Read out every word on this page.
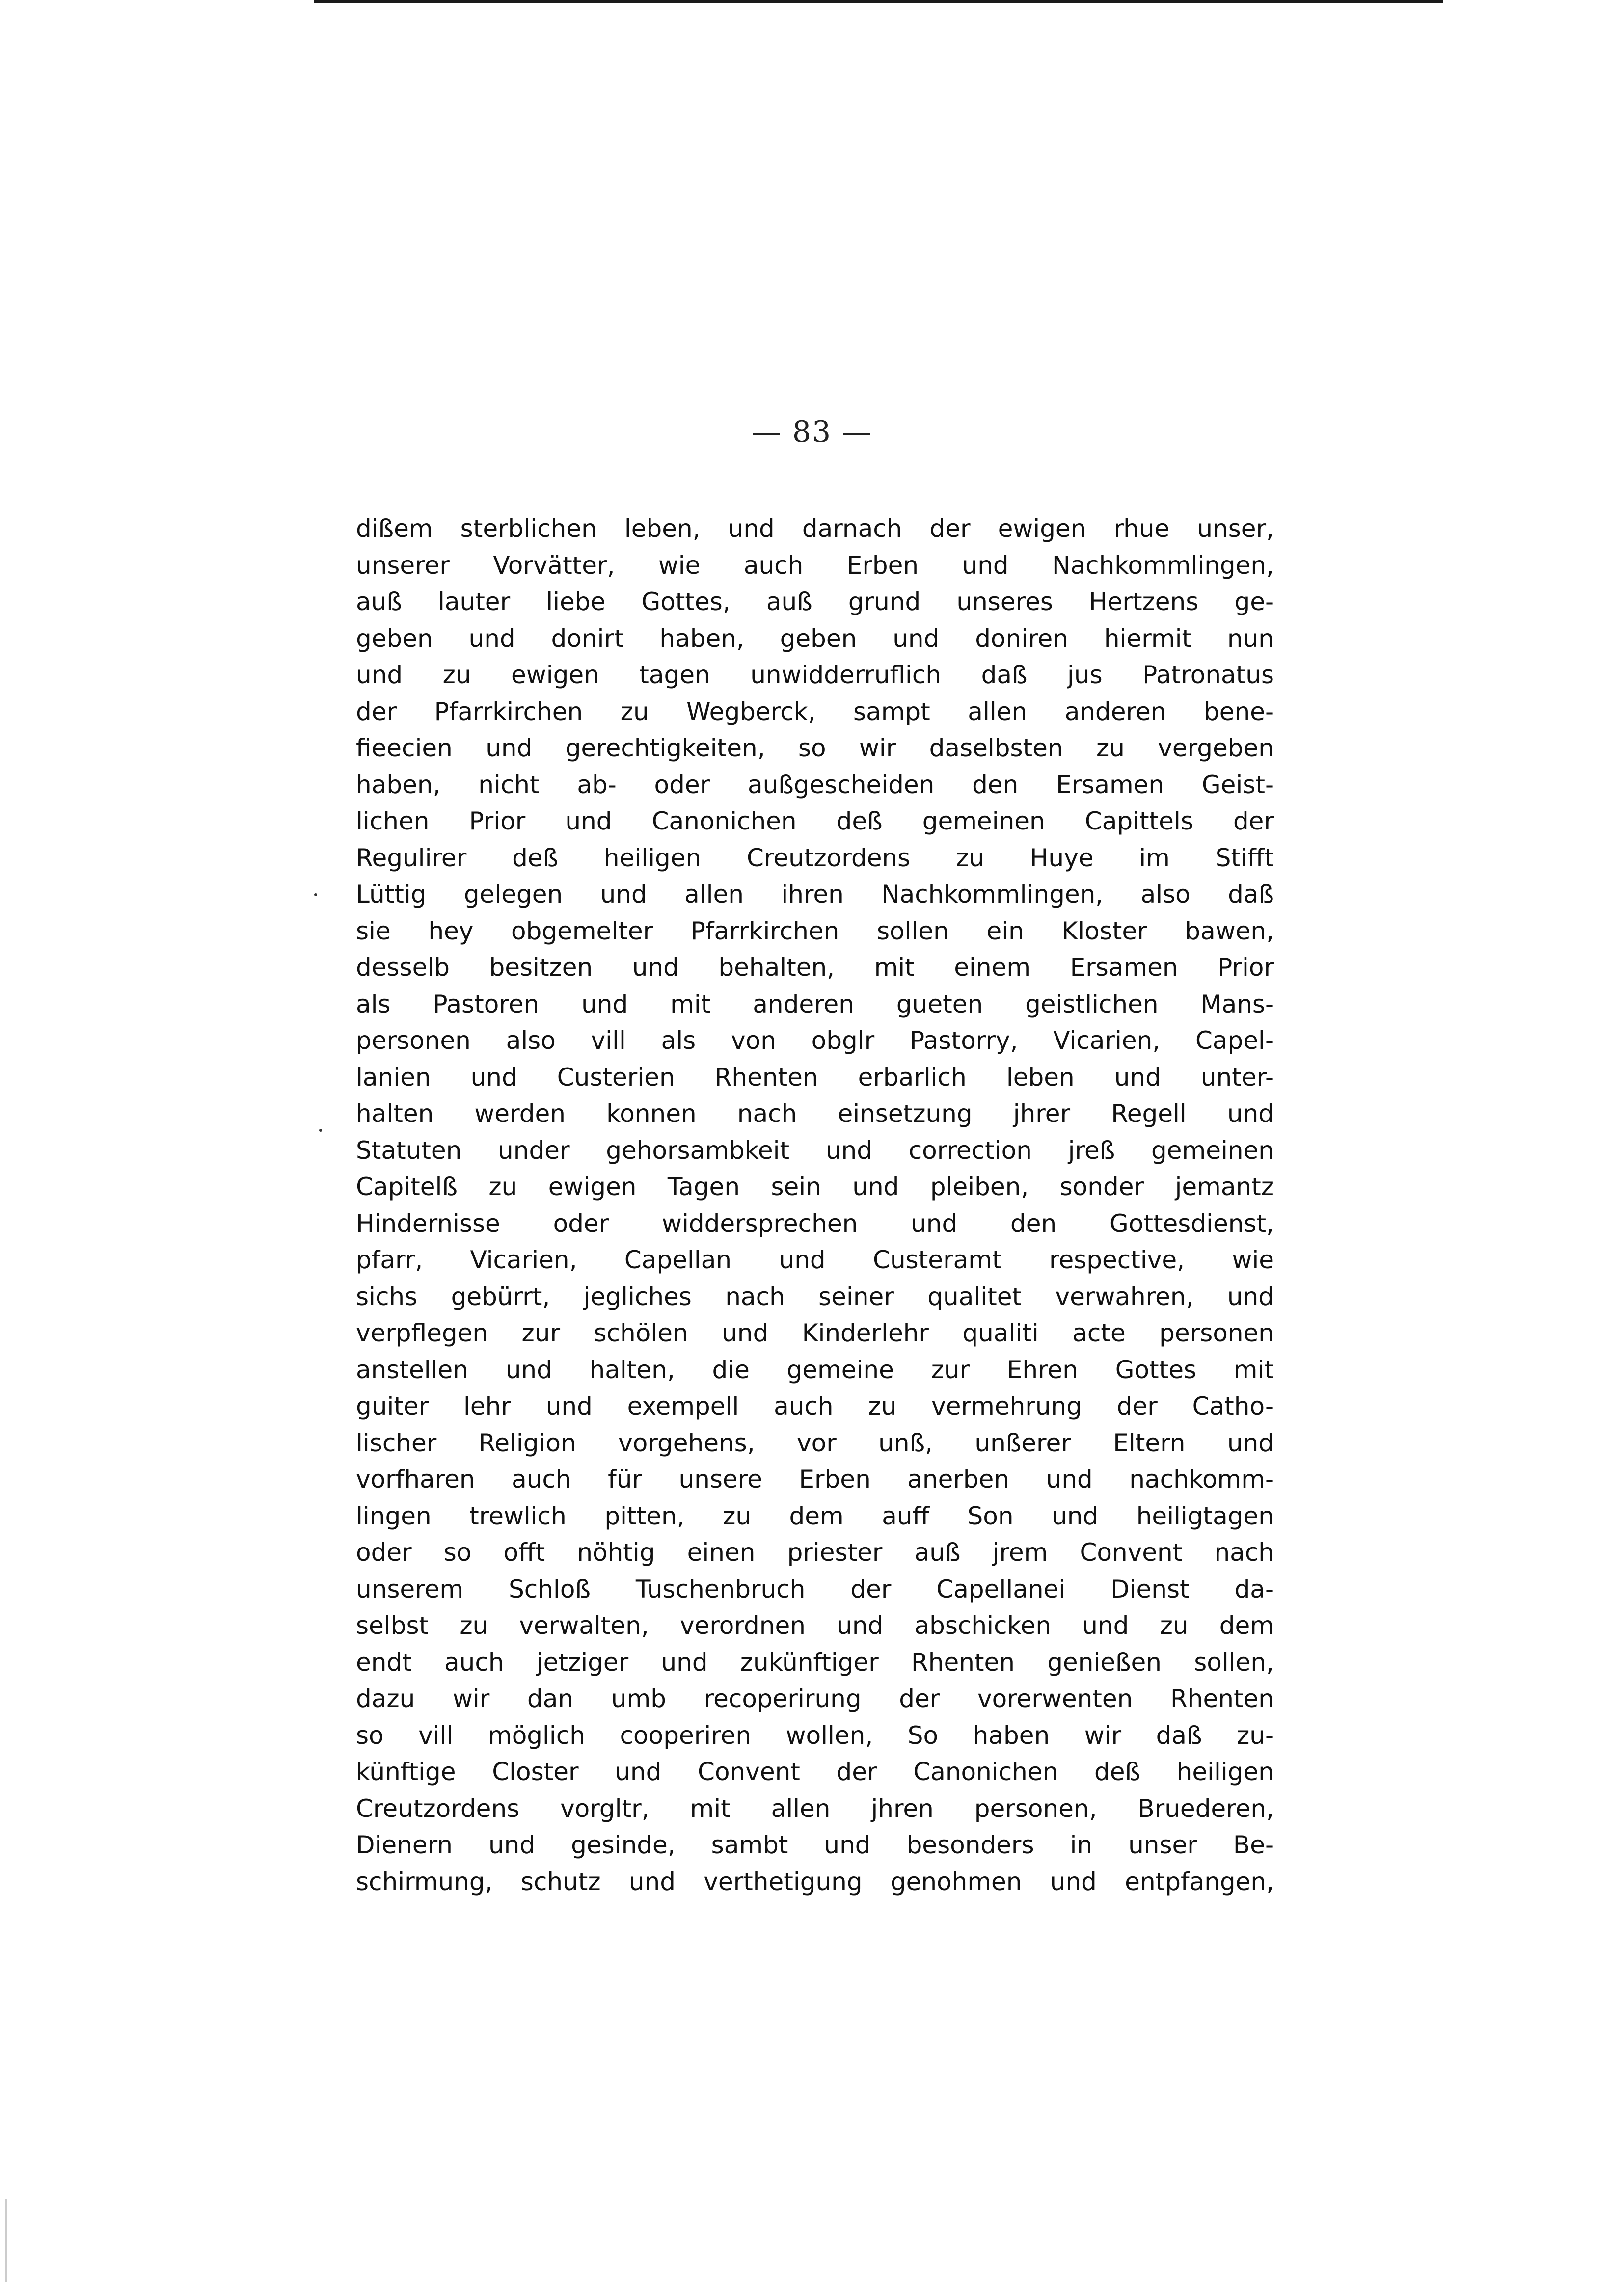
— 83 —
dißem sterblichen leben, und darnach der ewigen rhue unser,
unserer Vorvätter, wie auch Erben und Nachkommlingen,
auß lauter liebe Gottes, auß grund unseres Hertzens ge-
geben und donirt haben, geben und doniren hiermit nun
und zu ewigen tagen unwidderruflich daß jus Patronatus
der Pfarrkirchen zu Wegberck, sampt allen anderen bene-
fieecien und gerechtigkeiten, so wir daselbsten zu vergeben
haben, nicht ab- oder außgescheiden den Ersamen Geist-
lichen Prior und Canonichen deß gemeinen Capittels der
Regulirer deß heiligen Creutzordens zu Huye im Stifft
Lüttig gelegen und allen ihren Nachkommlingen, also daß
sie hey obgemelter Pfarrkirchen sollen ein Kloster bawen,
desselb besitzen und behalten, mit einem Ersamen Prior
als Pastoren und mit anderen gueten geistlichen Mans-
personen also vill als von obglr Pastorry, Vicarien, Capel-
lanien und Custerien Rhenten erbarlich leben und unter-
halten werden konnen nach einsetzung jhrer Regell und
Statuten under gehorsambkeit und correction jreß gemeinen
Capitelß zu ewigen Tagen sein und pleiben, sonder jemantz
Hindernisse oder widdersprechen und den Gottesdienst,
pfarr, Vicarien, Capellan und Custeramt respective, wie
sichs gebürrt, jegliches nach seiner qualitet verwahren, und
verpflegen zur schölen und Kinderlehr qualiti acte personen
anstellen und halten, die gemeine zur Ehren Gottes mit
guiter lehr und exempell auch zu vermehrung der Catho-
lischer Religion vorgehens, vor unß, unßerer Eltern und
vorfharen auch für unsere Erben anerben und nachkomm-
lingen trewlich pitten, zu dem auff Son und heiligtagen
oder so offt nöhtig einen priester auß jrem Convent nach
unserem Schloß Tuschenbruch der Capellanei Dienst da-
selbst zu verwalten, verordnen und abschicken und zu dem
endt auch jetziger und zukünftiger Rhenten genießen sollen,
dazu wir dan umb recoperirung der vorerwenten Rhenten
so vill möglich cooperiren wollen, So haben wir daß zu-
künftige Closter und Convent der Canonichen deß heiligen
Creutzordens vorgltr, mit allen jhren personen, Bruederen,
Dienern und gesinde, sambt und besonders in unser Be-
schirmung, schutz und verthetigung genohmen und entpfangen,
